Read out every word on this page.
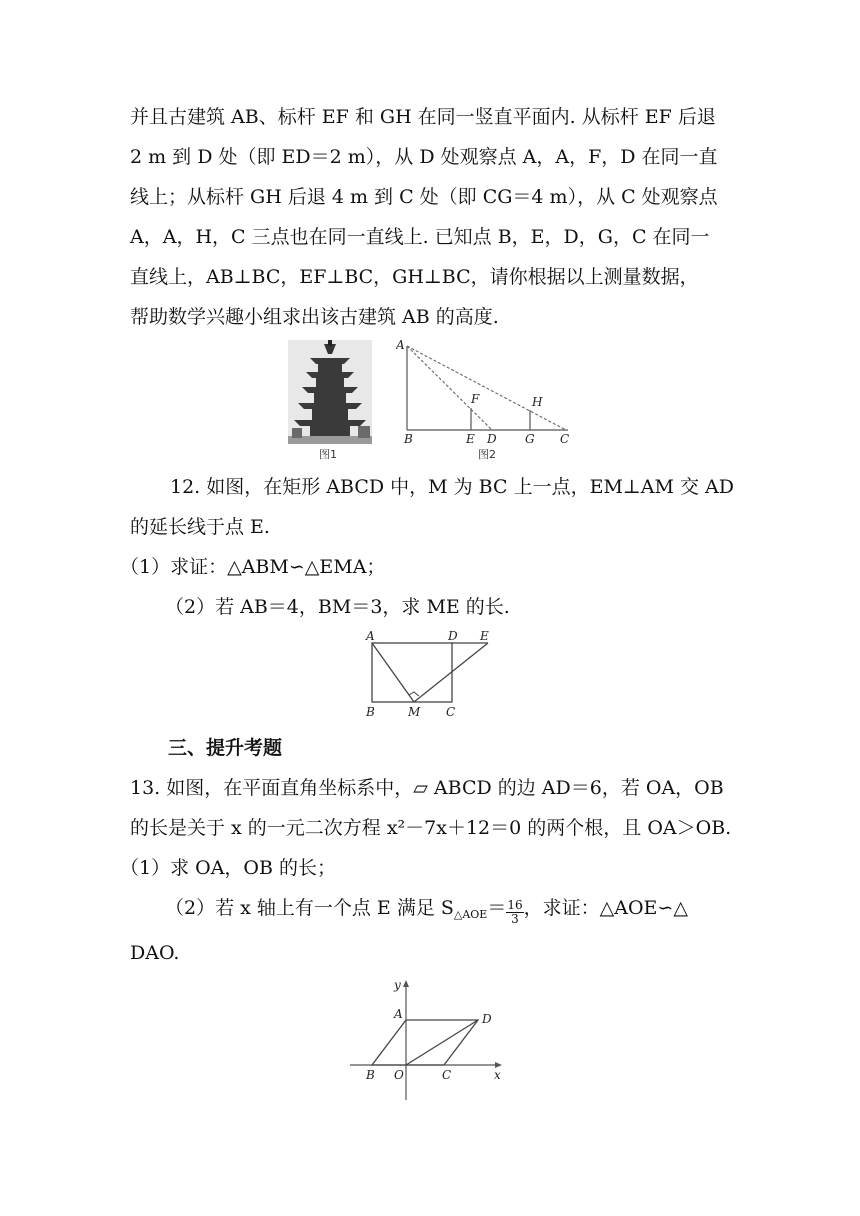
并且古建筑 AB、标杆 EF 和 GH 在同一竖直平面内. 从标杆 EF 后退
2 m 到 D 处（即 ED＝2 m），从 D 处观察点 A，A，F，D 在同一直
线上；从标杆 GH 后退 4 m 到 C 处（即 CG＝4 m），从 C 处观察点
A，A，H，C 三点也在同一直线上. 已知点 B，E，D，G，C 在同一
直线上，AB⊥BC，EF⊥BC，GH⊥BC，请你根据以上测量数据，
帮助数学兴趣小组求出该古建筑 AB 的高度.
图1
A
F	H
B	E D G C
图2
12. 如图，在矩形 ABCD 中，M 为 BC 上一点，EM⊥AM 交 AD
的延长线于点 E.
（1）求证：△ABM∽△EMA；
（2）若 AB＝4，BM＝3，求 ME 的长.
A	D E
B	M C
三、提升考题
13. 如图，在平面直角坐标系中，▱ ABCD 的边 AD＝6，若 OA，OB
的长是关于 x 的一元二次方程 x²－7x＋12＝0 的两个根，且 OA＞OB.
（1）求 OA，OB 的长；
（2）若 x 轴上有一个点 E 满足 $S_{\triangle AOE}= \frac{16}{3}$ ，求证：△AOE∽△
DAO.
y
A	D
B O	C	x
